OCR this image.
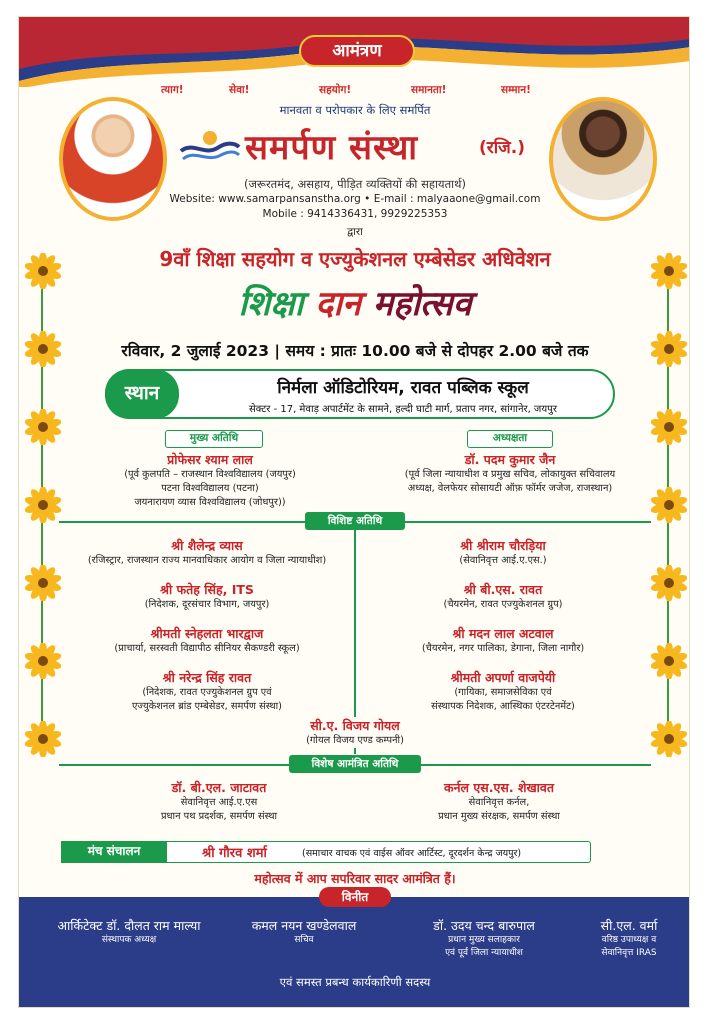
आमंत्रण
त्याग!	सेवा!	सहयोग!	समानता!	सम्मान!
मानवता व परोपकार के लिए समर्पित
समर्पण संस्था	(रजि.)
(जरूरतमंद, असहाय, पीड़ित व्यक्तियों की सहायतार्थ)
Website: www.samarpansanstha.org • E-mail : malyaaone@gmail.com
Mobile : 9414336431, 9929225353
द्वारा
9वाँ शिक्षा सहयोग व एज्युकेशनल एम्बेसेडर अधिवेशन
शिक्षा दान महोत्सव
रविवार, 2 जुलाई 2023 | समय : प्रातः 10.00 बजे से दोपहर 2.00 बजे तक
स्थान	निर्मला ऑडिटोरियम, रावत पब्लिक स्कूल
सेक्टर - 17, मेवाड़ अपार्टमेंट के सामने, हल्दी घाटी मार्ग, प्रताप नगर, सांगानेर, जयपुर
मुख्य अतिथि	अध्यक्षता
प्रोफेसर श्याम लाल
(पूर्व कुलपति – राजस्थान विश्वविद्यालय (जयपुर)
पटना विश्वविद्यालय (पटना)
जयनारायण व्यास विश्वविद्यालय (जोधपुर))
डॉ. पदम कुमार जैन
(पूर्व जिला न्यायाधीश व प्रमुख सचिव, लोकायुक्त सचिवालय
अध्यक्ष, वेलफेयर सोसायटी ऑफ़ फॉर्मर जजेज, राजस्थान)
विशिष्ट अतिथि
श्री शैलेन्द्र व्यास
(रजिस्ट्रार, राजस्थान राज्य मानवाधिकार आयोग व जिला न्यायाधीश)
श्री फतेह सिंह, ITS
(निदेशक, दूरसंचार विभाग, जयपुर)
श्रीमती स्नेहलता भारद्वाज
(प्राचार्या, सरस्वती विद्यापीठ सीनियर सैकण्डरी स्कूल)
श्री नरेन्द्र सिंह रावत
(निदेशक, रावत एज्युकेशनल ग्रुप एवं
एज्युकेशनल ब्रांड एम्बेसेडर, समर्पण संस्था)
श्री श्रीराम चौरड़िया
(सेवानिवृत्त आई.ए.एस.)
श्री बी.एस. रावत
(चैयरमेन, रावत एज्युकेशनल ग्रुप)
श्री मदन लाल अटवाल
(चैयरमेन, नगर पालिका, डेगाना, जिला नागौर)
श्रीमती अपर्णा वाजपेयी
(गायिका, समाजसेविका एवं
संस्थापक निदेशक, आस्थिका एंटरटेनमेंट)
सी.ए. विजय गोयल
(गोयल विजय एण्ड कम्पनी)
विशेष आमंत्रित अतिथि
डॉ. बी.एल. जाटावत
सेवानिवृत्त आई.ए.एस
प्रधान पथ प्रदर्शक, समर्पण संस्था
कर्नल एस.एस. शेखावत
सेवानिवृत्त कर्नल,
प्रधान मुख्य संरक्षक, समर्पण संस्था
मंच संचालन	श्री गौरव शर्मा	(समाचार वाचक एवं वाईस ऑवर आर्टिस्ट, दूरदर्शन केन्द्र जयपुर)
महोत्सव में आप सपरिवार सादर आमंत्रित हैं।
विनीत
आर्किटेक्ट डॉ. दौलत राम माल्या
संस्थापक अध्यक्ष
कमल नयन खण्डेलवाल
सचिव
डॉ. उदय चन्द बारुपाल
प्रधान मुख्य सलाहकार
एवं पूर्व जिला न्यायाधीश
सी.एल. वर्मा
वरिष्ठ उपाध्यक्ष व
सेवानिवृत्त IRAS
एवं समस्त प्रबन्ध कार्यकारिणी सदस्य
